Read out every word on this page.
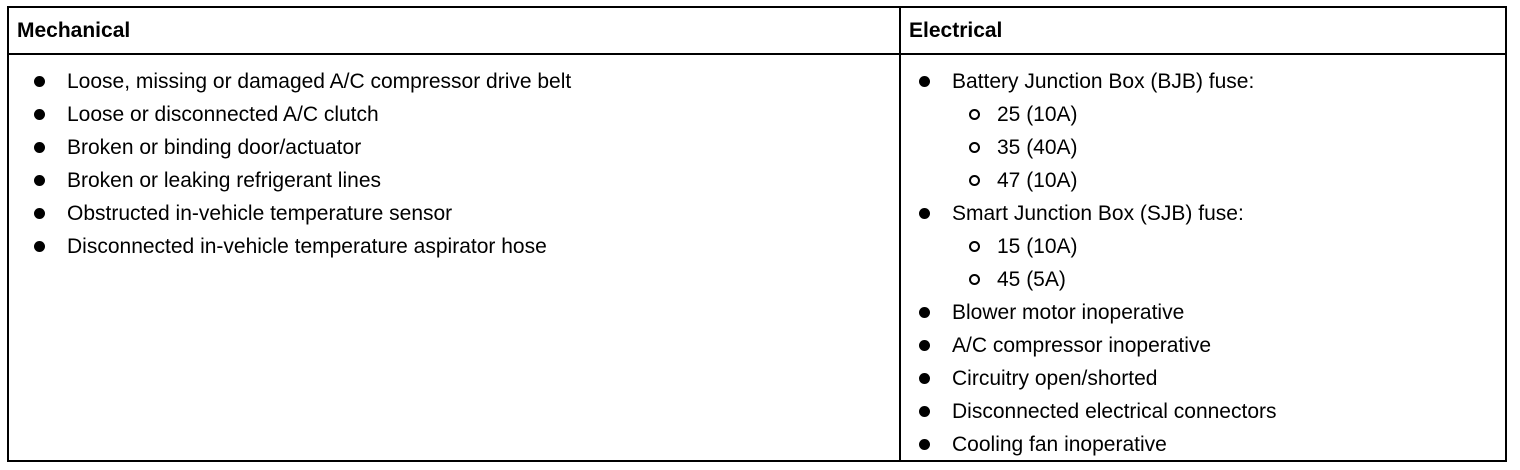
Mechanical	Electrical
Loose, missing or damaged A/C compressor drive belt
Loose or disconnected A/C clutch
Broken or binding door/actuator
Broken or leaking refrigerant lines
Obstructed in-vehicle temperature sensor
Disconnected in-vehicle temperature aspirator hose
Battery Junction Box (BJB) fuse:
25 (10A)
35 (40A)
47 (10A)
Smart Junction Box (SJB) fuse:
15 (10A)
45 (5A)
Blower motor inoperative
A/C compressor inoperative
Circuitry open/shorted
Disconnected electrical connectors
Cooling fan inoperative
